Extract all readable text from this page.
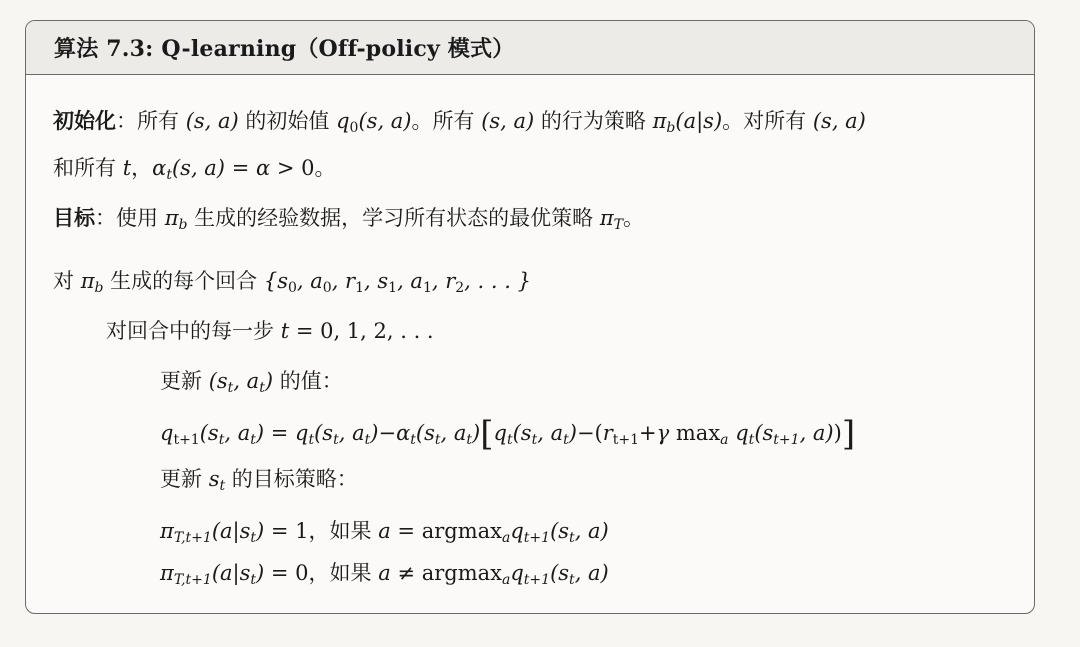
算法 7.3: Q-learning（Off-policy 模式）
初始化：所有 (s, a) 的初始值 $q_0(s$, a)。所有 (s, a) 的行为策略 $\pi_b(a|s)$。对所有 (s, a)
和所有 t，$\alpha_t(s$, a) = α > 0。
目标：使用 $\pi_b$ 生成的经验数据，学习所有状态的最优策略 $\pi_T$。
对 $\pi_b$ 生成的每个回合 {$s_0$, $a_0$, $r_1$, $s_1$, $a_1$, $r_2$, . . . }
对回合中的每一步 t = 0, 1, 2, . . .
更新 ($s_t$, $a_t$) 的值：
$q_{t+1}(s_t$, $a_t) = q_t(s_t$, $a_t)-\alpha_t(s_t$, $a_t)[q_t(s_t$, $a_t)-(r_{t+1}+\gamma$ $\max_a q_t(s_{t+1}$, a))]
更新 $s_t$ 的目标策略：
$\pi_{T,t+1}(a|s_t) = 1$，如果 $a = argmax_aq_{t+1}(s_t$, a)
$\pi_{T,t+1}(a|s_t) = 0$，如果 $a \ne argmax_aq_{t+1}(s_t$, a)
